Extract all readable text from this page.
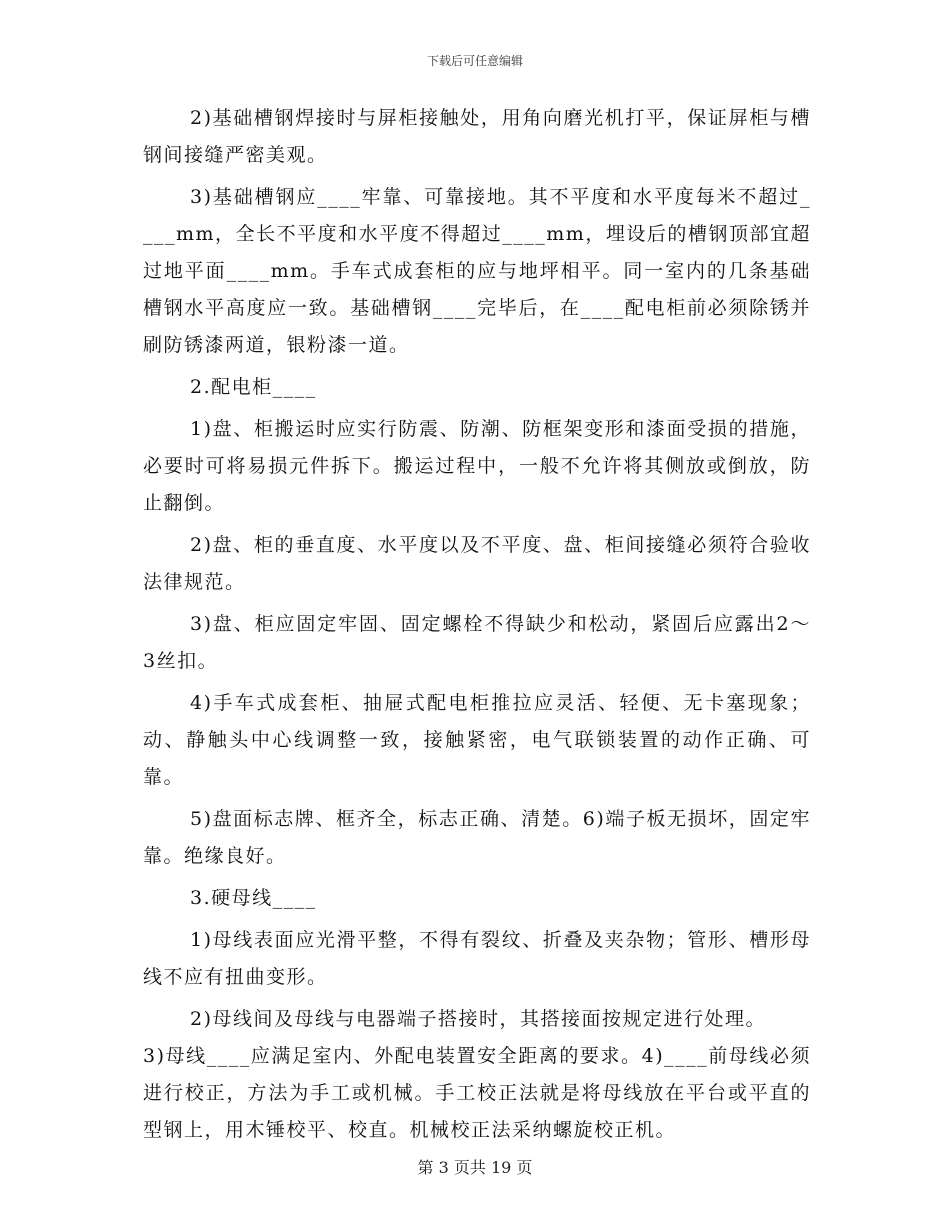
下载后可任意编辑

2)基础槽钢焊接时与屏柜接触处，用角向磨光机打平，保证屏柜与槽钢间接缝严密美观。

3)基础槽钢应____牢靠、可靠接地。其不平度和水平度每米不超过____mm，全长不平度和水平度不得超过____mm，埋设后的槽钢顶部宜超过地平面____mm。手车式成套柜的应与地坪相平。同一室内的几条基础槽钢水平高度应一致。基础槽钢____完毕后，在____配电柜前必须除锈并刷防锈漆两道，银粉漆一道。

2.配电柜____

1)盘、柜搬运时应实行防震、防潮、防框架变形和漆面受损的措施，必要时可将易损元件拆下。搬运过程中，一般不允许将其侧放或倒放，防止翻倒。

2)盘、柜的垂直度、水平度以及不平度、盘、柜间接缝必须符合验收法律规范。

3)盘、柜应固定牢固、固定螺栓不得缺少和松动，紧固后应露出2～3丝扣。

4)手车式成套柜、抽屉式配电柜推拉应灵活、轻便、无卡塞现象；动、静触头中心线调整一致，接触紧密，电气联锁装置的动作正确、可靠。

5)盘面标志牌、框齐全，标志正确、清楚。6)端子板无损坏，固定牢靠。绝缘良好。

3.硬母线____

1)母线表面应光滑平整，不得有裂纹、折叠及夹杂物；管形、槽形母线不应有扭曲变形。

2)母线间及母线与电器端子搭接时，其搭接面按规定进行处理。

3)母线____应满足室内、外配电装置安全距离的要求。4)____前母线必须进行校正，方法为手工或机械。手工校正法就是将母线放在平台或平直的型钢上，用木锤校平、校直。机械校正法采纳螺旋校正机。

第 3 页共 19 页
